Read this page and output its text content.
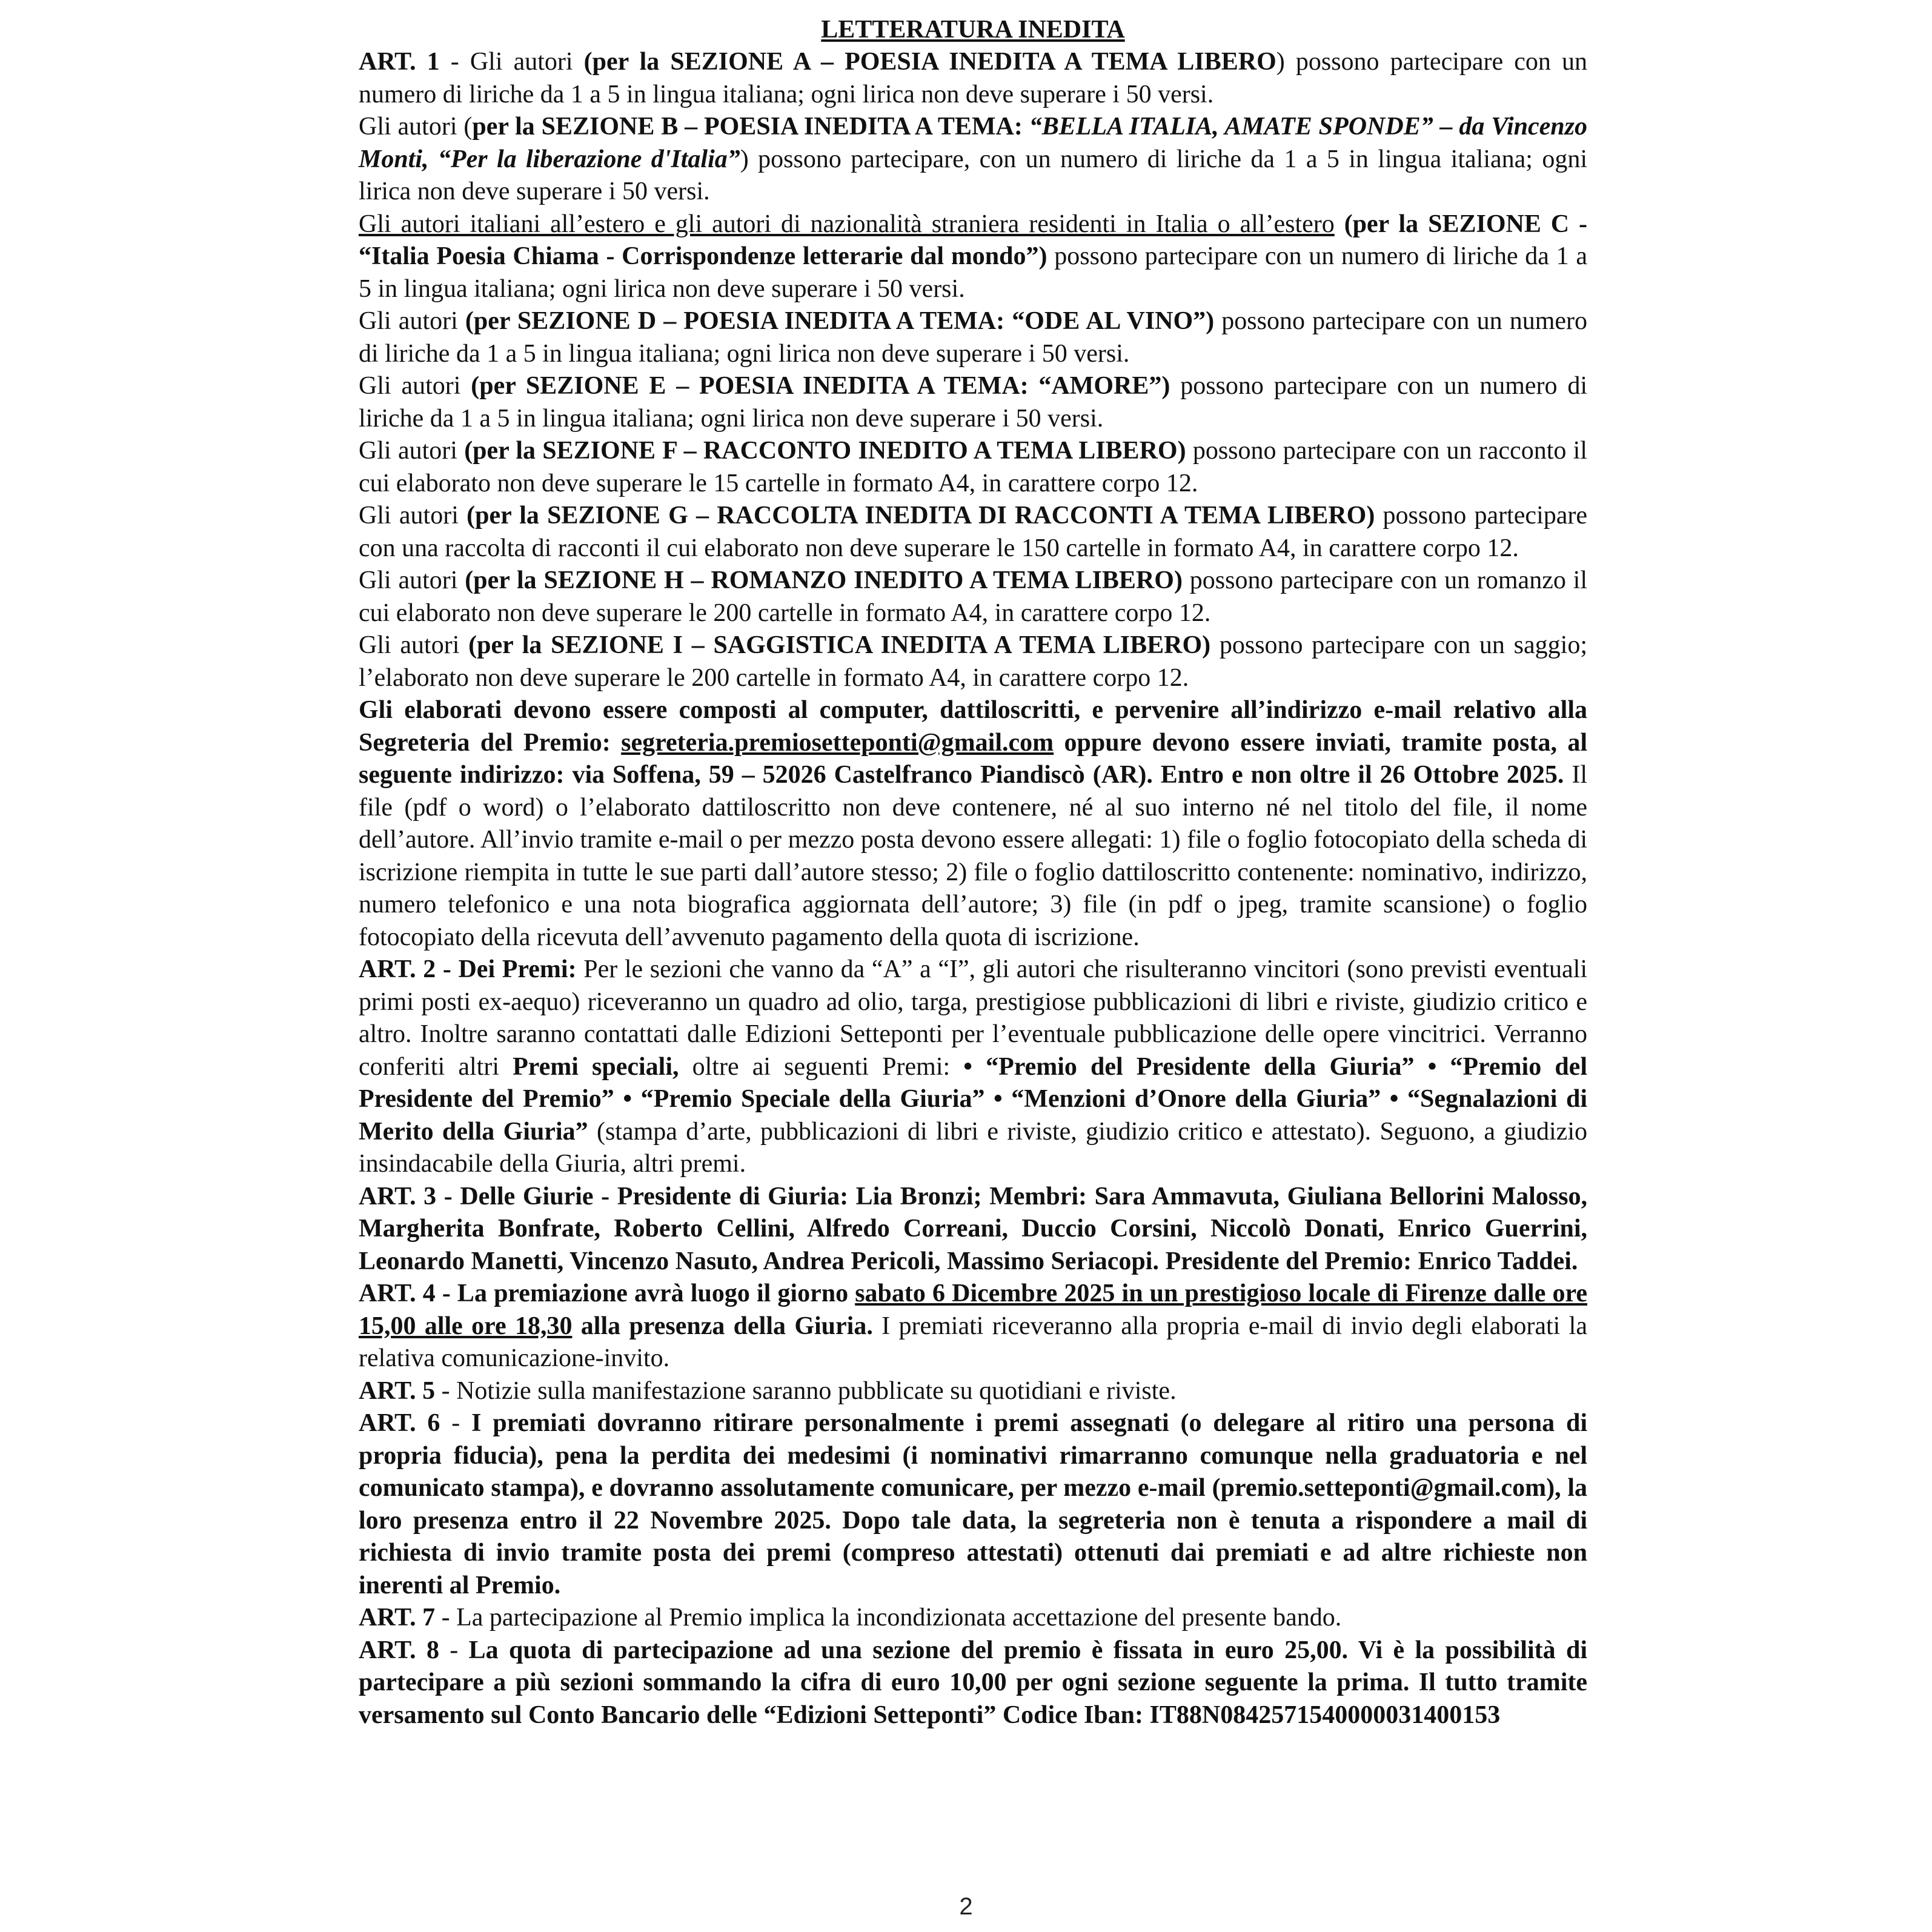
LETTERATURA INEDITA

ART. 1 - Gli autori (per la SEZIONE A – POESIA INEDITA A TEMA LIBERO) possono partecipare con un numero di liriche da 1 a 5 in lingua italiana; ogni lirica non deve superare i 50 versi.

Gli autori (per la SEZIONE B – POESIA INEDITA A TEMA: “BELLA ITALIA, AMATE SPONDE” – da Vincenzo Monti, “Per la liberazione d'Italia”) possono partecipare, con un numero di liriche da 1 a 5 in lingua italiana; ogni lirica non deve superare i 50 versi.

Gli autori italiani all’estero e gli autori di nazionalità straniera residenti in Italia o all’estero (per la SEZIONE C - “Italia Poesia Chiama - Corrispondenze letterarie dal mondo”) possono partecipare con un numero di liriche da 1 a 5 in lingua italiana; ogni lirica non deve superare i 50 versi.

Gli autori (per SEZIONE D – POESIA INEDITA A TEMA: “ODE AL VINO”) possono partecipare con un numero di liriche da 1 a 5 in lingua italiana; ogni lirica non deve superare i 50 versi.

Gli autori (per SEZIONE E – POESIA INEDITA A TEMA: “AMORE”) possono partecipare con un numero di liriche da 1 a 5 in lingua italiana; ogni lirica non deve superare i 50 versi.

Gli autori (per la SEZIONE F – RACCONTO INEDITO A TEMA LIBERO) possono partecipare con un racconto il cui elaborato non deve superare le 15 cartelle in formato A4, in carattere corpo 12.

Gli autori (per la SEZIONE G – RACCOLTA INEDITA DI RACCONTI A TEMA LIBERO) possono partecipare con una raccolta di racconti il cui elaborato non deve superare le 150 cartelle in formato A4, in carattere corpo 12.

Gli autori (per la SEZIONE H – ROMANZO INEDITO A TEMA LIBERO) possono partecipare con un romanzo il cui elaborato non deve superare le 200 cartelle in formato A4, in carattere corpo 12.

Gli autori (per la SEZIONE I – SAGGISTICA INEDITA A TEMA LIBERO) possono partecipare con un saggio; l’elaborato non deve superare le 200 cartelle in formato A4, in carattere corpo 12.

Gli elaborati devono essere composti al computer, dattiloscritti, e pervenire all’indirizzo e-mail relativo alla Segreteria del Premio: segreteria.premiosetteponti@gmail.com oppure devono essere inviati, tramite posta, al seguente indirizzo: via Soffena, 59 – 52026 Castelfranco Piandiscò (AR). Entro e non oltre il 26 Ottobre 2025. Il file (pdf o word) o l’elaborato dattiloscritto non deve contenere, né al suo interno né nel titolo del file, il nome dell’autore. All’invio tramite e-mail o per mezzo posta devono essere allegati: 1) file o foglio fotocopiato della scheda di iscrizione riempita in tutte le sue parti dall’autore stesso; 2) file o foglio dattiloscritto contenente: nominativo, indirizzo, numero telefonico e una nota biografica aggiornata dell’autore; 3) file (in pdf o jpeg, tramite scansione) o foglio fotocopiato della ricevuta dell’avvenuto pagamento della quota di iscrizione.

ART. 2 - Dei Premi: Per le sezioni che vanno da “A” a “I”, gli autori che risulteranno vincitori (sono previsti eventuali primi posti ex-aequo) riceveranno un quadro ad olio, targa, prestigiose pubblicazioni di libri e riviste, giudizio critico e altro. Inoltre saranno contattati dalle Edizioni Setteponti per l’eventuale pubblicazione delle opere vincitrici. Verranno conferiti altri Premi speciali, oltre ai seguenti Premi: • “Premio del Presidente della Giuria” • “Premio del Presidente del Premio” • “Premio Speciale della Giuria” • “Menzioni d’Onore della Giuria” • “Segnalazioni di Merito della Giuria” (stampa d’arte, pubblicazioni di libri e riviste, giudizio critico e attestato). Seguono, a giudizio insindacabile della Giuria, altri premi.

ART. 3 - Delle Giurie - Presidente di Giuria: Lia Bronzi; Membri: Sara Ammavuta, Giuliana Bellorini Malosso, Margherita Bonfrate, Roberto Cellini, Alfredo Correani, Duccio Corsini, Niccolò Donati, Enrico Guerrini, Leonardo Manetti, Vincenzo Nasuto, Andrea Pericoli, Massimo Seriacopi. Presidente del Premio: Enrico Taddei.

ART. 4 - La premiazione avrà luogo il giorno sabato 6 Dicembre 2025 in un prestigioso locale di Firenze dalle ore 15,00 alle ore 18,30 alla presenza della Giuria. I premiati riceveranno alla propria e-mail di invio degli elaborati la relativa comunicazione-invito.

ART. 5 - Notizie sulla manifestazione saranno pubblicate su quotidiani e riviste.

ART. 6 - I premiati dovranno ritirare personalmente i premi assegnati (o delegare al ritiro una persona di propria fiducia), pena la perdita dei medesimi (i nominativi rimarranno comunque nella graduatoria e nel comunicato stampa), e dovranno assolutamente comunicare, per mezzo e-mail (premio.setteponti@gmail.com), la loro presenza entro il 22 Novembre 2025. Dopo tale data, la segreteria non è tenuta a rispondere a mail di richiesta di invio tramite posta dei premi (compreso attestati) ottenuti dai premiati e ad altre richieste non inerenti al Premio.

ART. 7 - La partecipazione al Premio implica la incondizionata accettazione del presente bando.

ART. 8 - La quota di partecipazione ad una sezione del premio è fissata in euro 25,00. Vi è la possibilità di partecipare a più sezioni sommando la cifra di euro 10,00 per ogni sezione seguente la prima. Il tutto tramite versamento sul Conto Bancario delle “Edizioni Setteponti” Codice Iban: IT88N0842571540000031400153

2
